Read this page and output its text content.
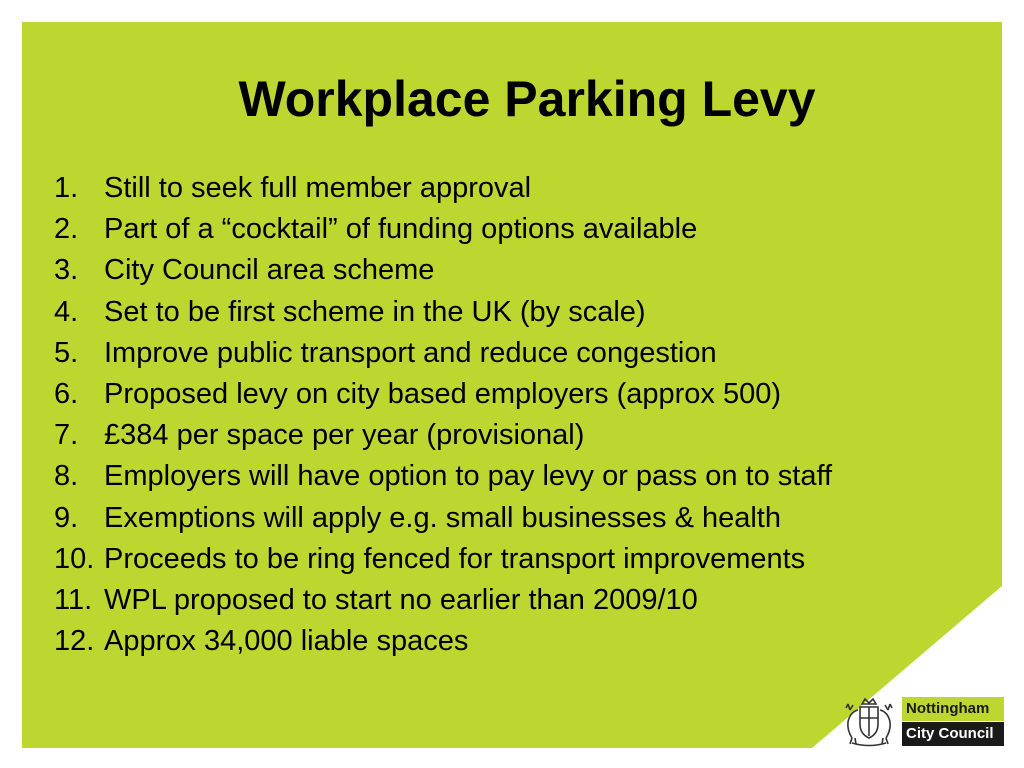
Workplace Parking Levy
1. Still to seek full member approval
2. Part of a “cocktail” of funding options available
3. City Council area scheme
4. Set to be first scheme in the UK (by scale)
5. Improve public transport and reduce congestion
6. Proposed levy on city based employers (approx 500)
7. £384 per space per year (provisional)
8. Employers will have option to pay levy or pass on to staff
9. Exemptions will apply e.g. small businesses & health
10. Proceeds to be ring fenced for transport improvements
11. WPL proposed to start no earlier than 2009/10
12. Approx 34,000 liable spaces
Nottingham
City Council
